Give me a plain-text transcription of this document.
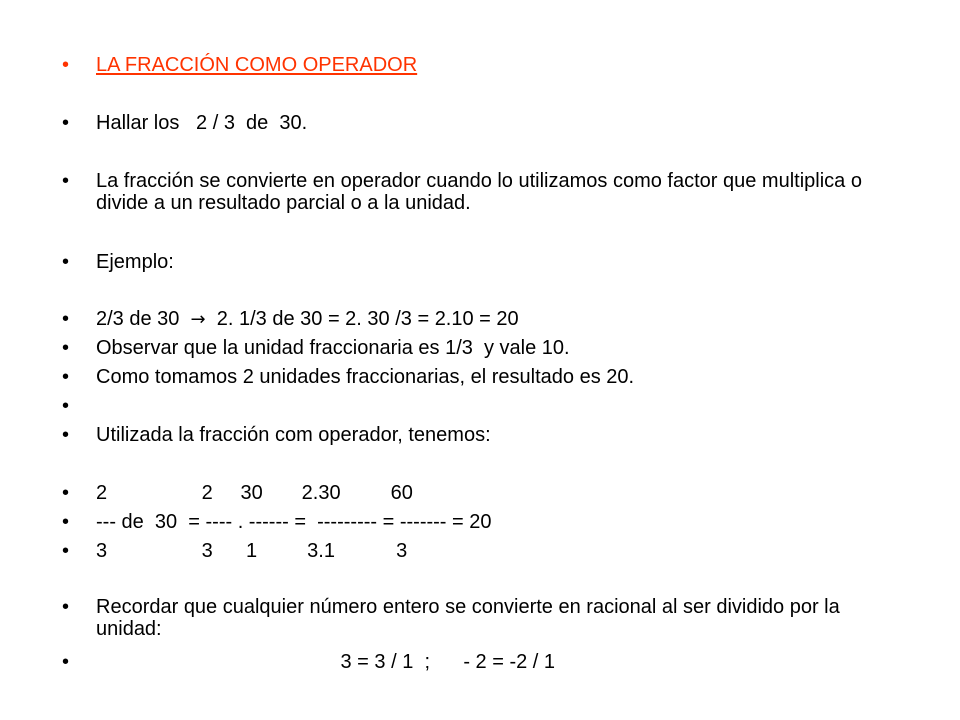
•

LA FRACCIÓN COMO OPERADOR

•

Hallar los   2 / 3  de  30.

•

La fracción se convierte en operador cuando lo utilizamos como factor que multiplica o divide a un resultado parcial o a la unidad.

•

Ejemplo:

•

2/3 de 30  →  2. 1/3 de 30 = 2. 30 /3 = 2.10 = 20

•

Observar que la unidad fraccionaria es 1/3  y vale 10.

•

Como tomamos 2 unidades fraccionarias, el resultado es 20.

•

•

Utilizada la fracción com operador, tenemos:

•

2                 2     30       2.30         60

•

--- de  30  = ---- . ------ =  --------- = ------- = 20

•

3                 3      1         3.1           3

•

Recordar que cualquier número entero se convierte en racional al ser dividido por la unidad:

•

3 = 3 / 1  ;      - 2 = -2 / 1
